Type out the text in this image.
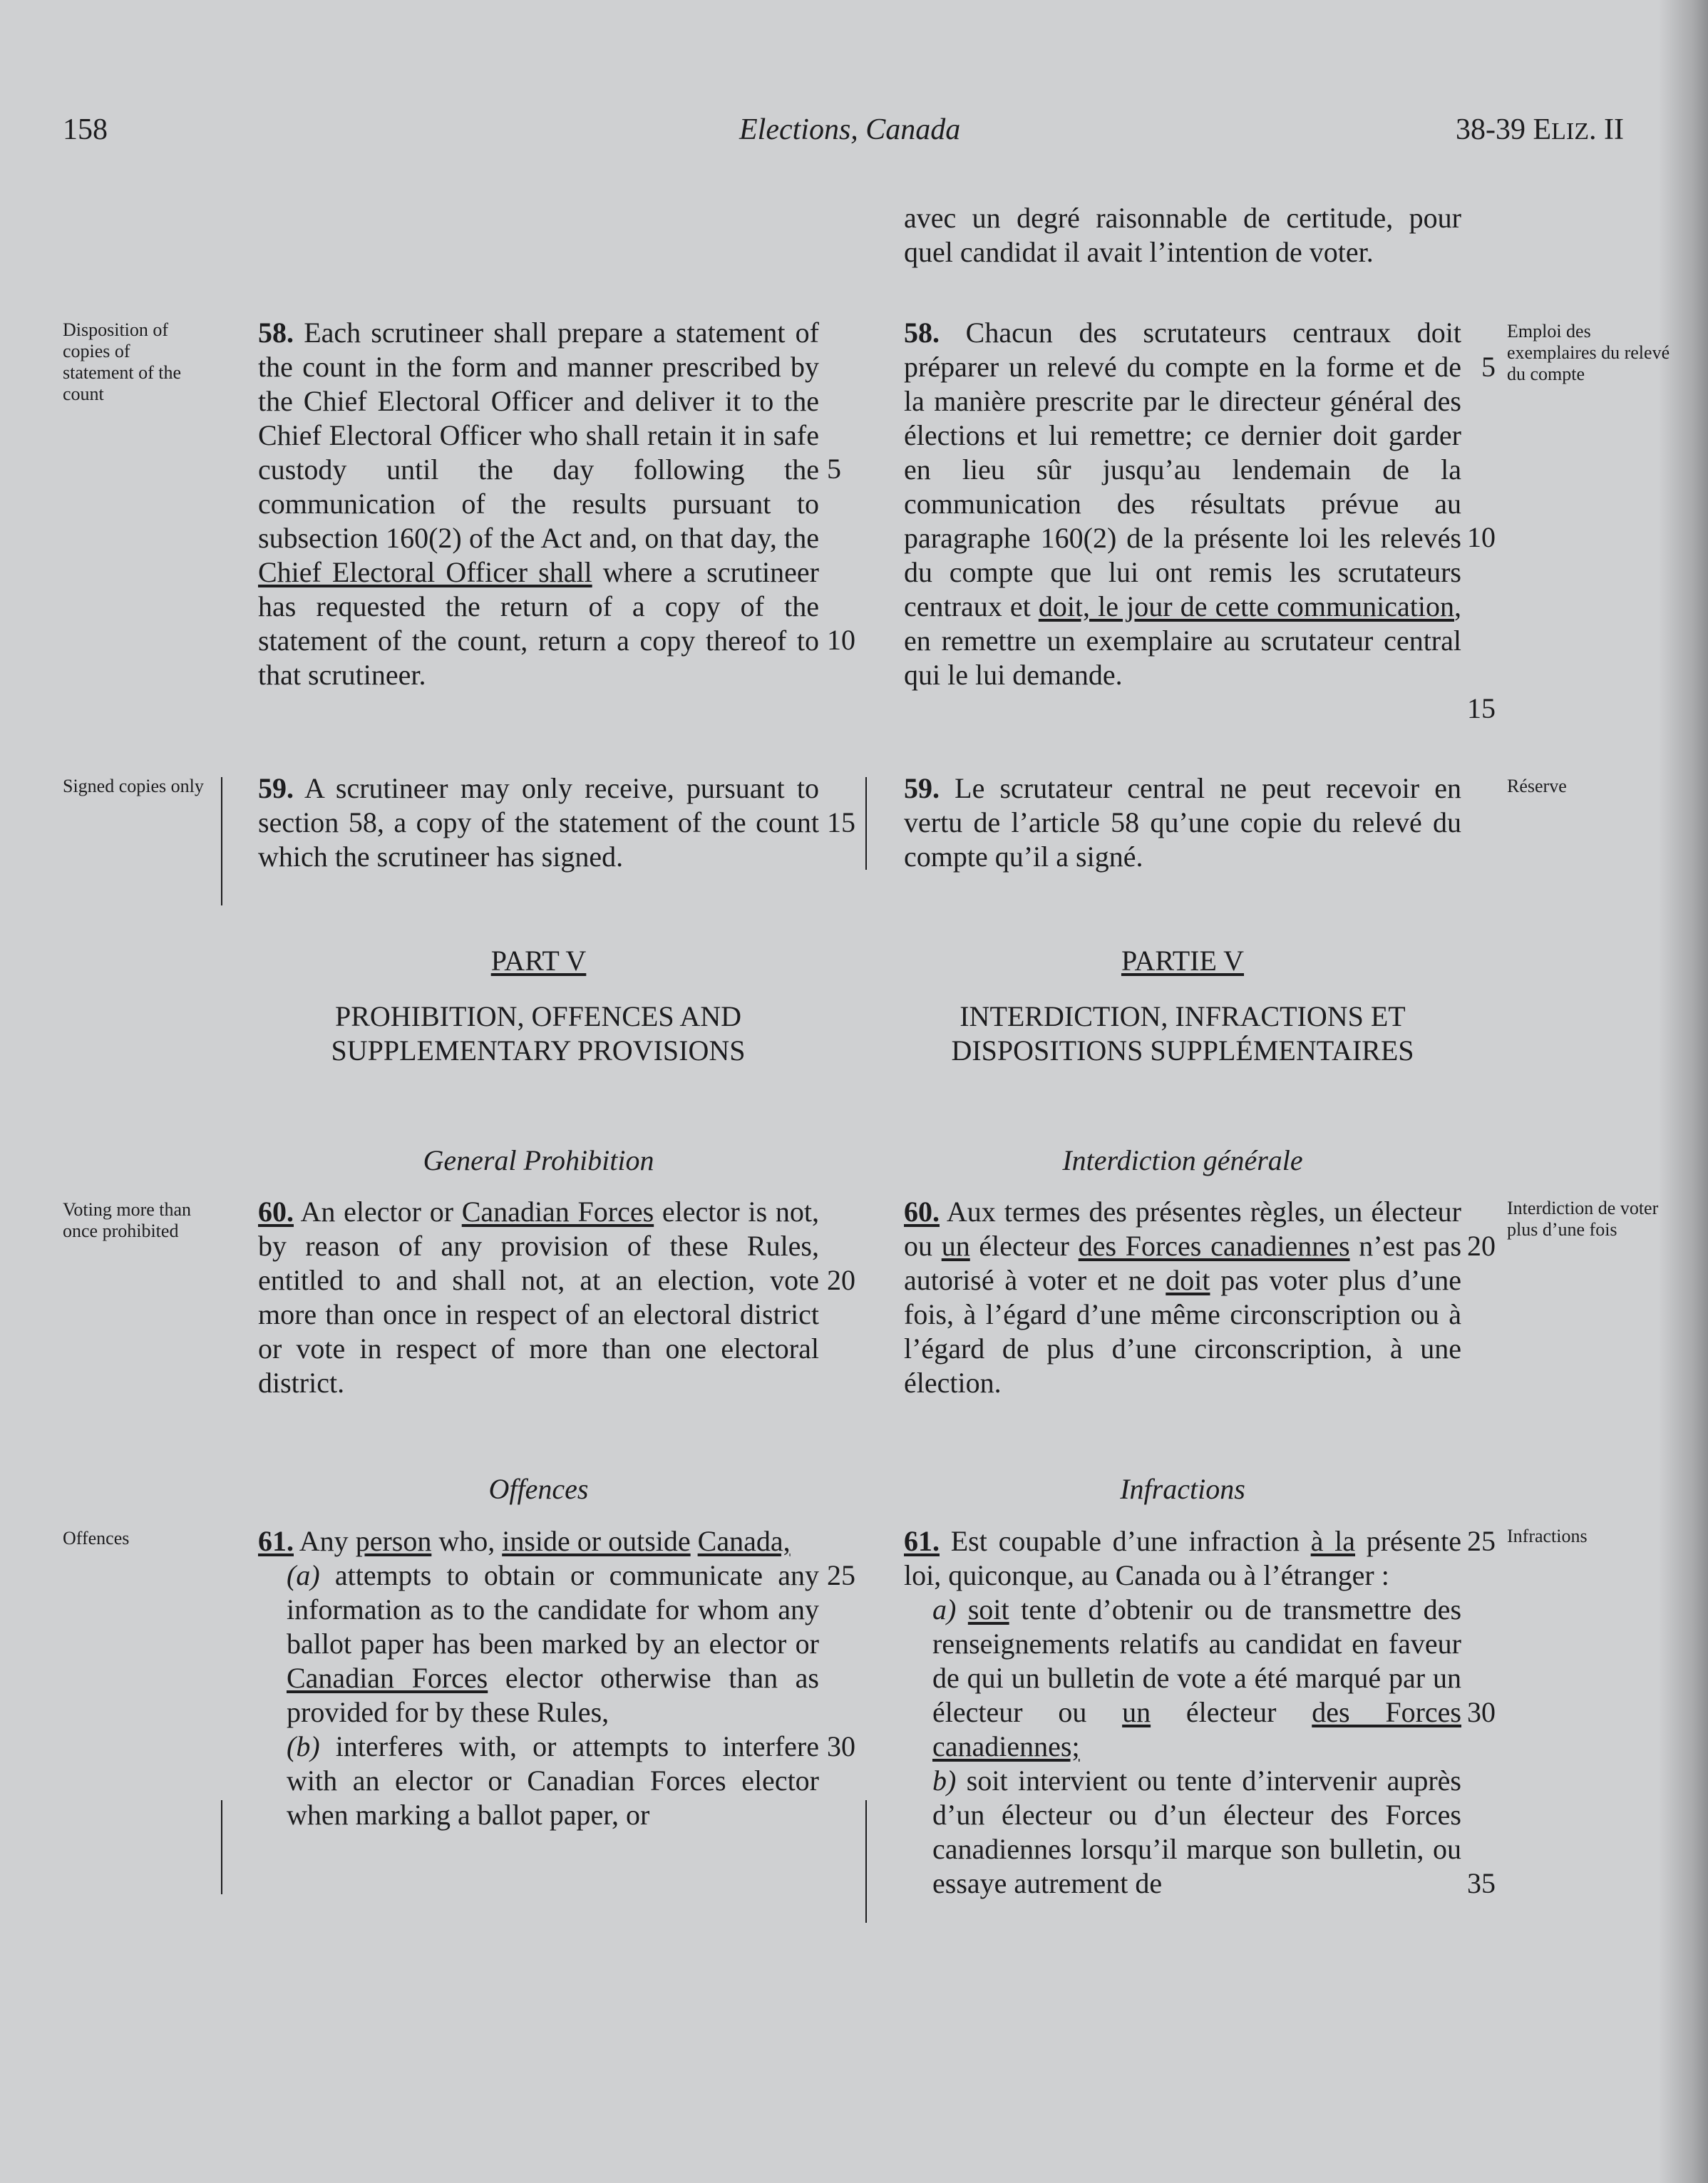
158	Elections, Canada	38-39 ELIZ. II
Disposition of copies of statement of the count
Signed copies only
Voting more than once prohibited
Offences
Emploi des exemplaires du relevé du compte
Réserve
Interdiction de voter plus d’une fois
Infractions
58. Each scrutineer shall prepare a statement of the count in the form and manner prescribed by the Chief Electoral Officer and deliver it to the Chief Electoral Officer who shall retain it in safe custody until the day following the communication of the results pursuant to subsection 160(2) of the Act and, on that day, the Chief Electoral Officer shall where a scrutineer has requested the return of a copy of the statement of the count, return a copy thereof to that scrutineer.
59. A scrutineer may only receive, pursuant to section 58, a copy of the statement of the count which the scrutineer has signed.
PART V
PROHIBITION, OFFENCES AND
SUPPLEMENTARY PROVISIONS
General Prohibition
60. An elector or Canadian Forces elector is not, by reason of any provision of these Rules, entitled to and shall not, at an election, vote more than once in respect of an electoral district or vote in respect of more than one electoral district.
Offences

61. Any person who, inside or outside Canada,

(a) attempts to obtain or communicate any information as to the candidate for whom any ballot paper has been marked by an elector or Canadian Forces elector otherwise than as provided for by these Rules,

(b) interferes with, or attempts to interfere with an elector or Canadian Forces elector when marking a ballot paper, or

avec un degré raisonnable de certitude, pour quel candidat il avait l’intention de voter.
58. Chacun des scrutateurs centraux doit préparer un relevé du compte en la forme et de la manière prescrite par le directeur général des élections et lui remettre; ce dernier doit garder en lieu sûr jusqu’au lendemain de la communication des résultats prévue au paragraphe 160(2) de la présente loi les relevés du compte que lui ont remis les scrutateurs centraux et doit, le jour de cette communication, en remettre un exemplaire au scrutateur central qui le lui demande.
59. Le scrutateur central ne peut recevoir en vertu de l’article 58 qu’une copie du relevé du compte qu’il a signé.
PARTIE V
INTERDICTION, INFRACTIONS ET
DISPOSITIONS SUPPLÉMENTAIRES
Interdiction générale
60. Aux termes des présentes règles, un électeur ou un électeur des Forces canadiennes n’est pas autorisé à voter et ne doit pas voter plus d’une fois, à l’égard d’une même circonscription ou à l’égard de plus d’une circonscription, à une élection.
Infractions

61. Est coupable d’une infraction à la présente loi, quiconque, au Canada ou à l’étranger :

a) soit tente d’obtenir ou de transmettre des renseignements relatifs au candidat en faveur de qui un bulletin de vote a été marqué par un électeur ou un électeur des Forces canadiennes;

b) soit intervient ou tente d’intervenir auprès d’un électeur ou d’un électeur des Forces canadiennes lorsqu’il marque son bulletin, ou essaye autrement de

5
10
15
20
25
30
5
10
15
20
25
30
35
